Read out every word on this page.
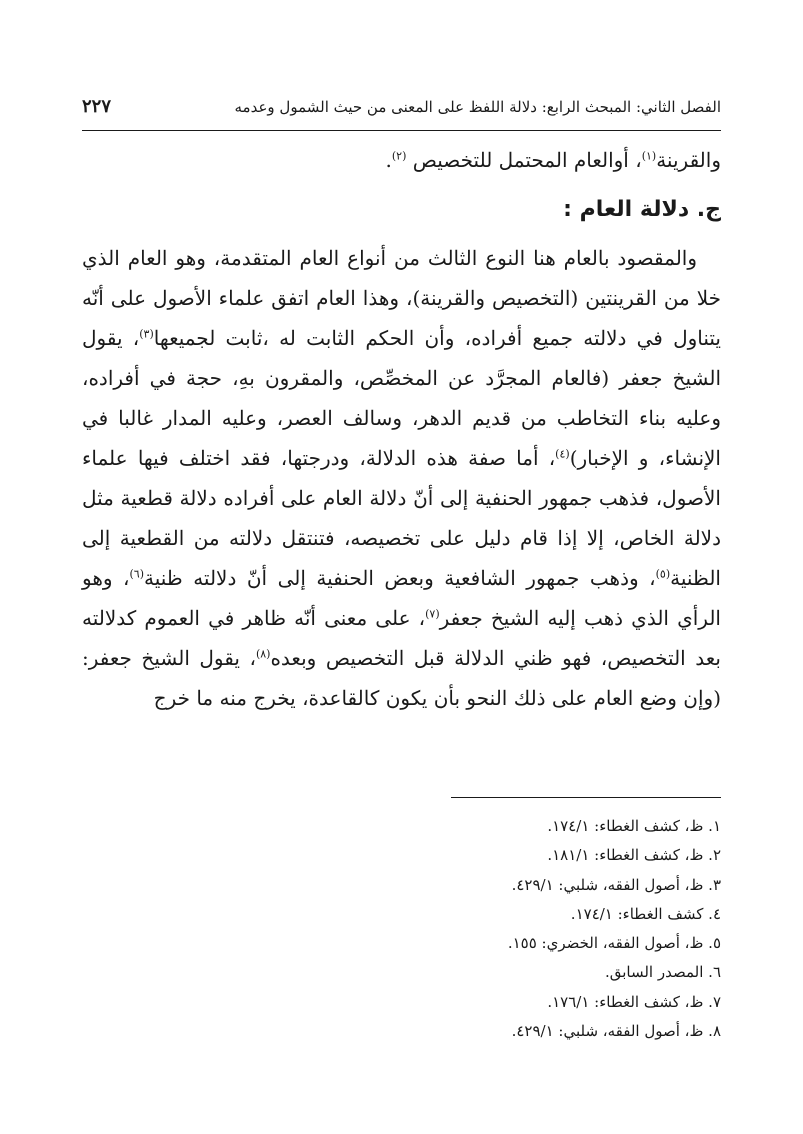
الفصل الثاني: المبحث الرابع: دلالة اللفظ على المعنى من حيث الشمول وعدمه
٢٢٧

والقرينة$^{(١)}$، أوالعام المحتمل للتخصيص $^{(٢)}$.

ج. دلالة العام :

والمقصود بالعام هنا النوع الثالث من أنواع العام المتقدمة، وهو العام الذي خلا من القرينتين (التخصيص والقرينة)، وهذا العام اتفق علماء الأصول على أنّه يتناول في دلالته جميع أفراده، وأن الحكم الثابت له ،ثابت لجميعها$^{(٣)}$، يقول الشيخ جعفر (فالعام المجرَّد عن المخصِّص، والمقرون بهِ، حجة في أفراده، وعليه بناء التخاطب من قديم الدهر، وسالف العصر، وعليه المدار غالبا في الإنشاء، و الإخبار)$^{(٤)}$، أما صفة هذه الدلالة، ودرجتها، فقد اختلف فيها علماء الأصول، فذهب جمهور الحنفية إلى أنّ دلالة العام على أفراده دلالة قطعية مثل دلالة الخاص، إلا إذا قام دليل على تخصيصه، فتنتقل دلالته من القطعية إلى الظنية$^{(٥)}$، وذهب جمهور الشافعية وبعض الحنفية إلى أنّ دلالته ظنية$^{(٦)}$، وهو الرأي الذي ذهب إليه الشيخ جعفر$^{(٧)}$، على معنى أنّه ظاهر في العموم كدلالته بعد التخصيص، فهو ظني الدلالة قبل التخصيص وبعده$^{(٨)}$، يقول الشيخ جعفر: (وإن وضع العام على ذلك النحو بأن يكون كالقاعدة، يخرج منه ما خرج

١. ظ، كشف الغطاء: ١٧٤/١.
٢. ظ، كشف الغطاء: ١٨١/١.
٣. ظ، أصول الفقه، شلبي: ٤٢٩/١.
٤. كشف الغطاء: ١٧٤/١.
٥. ظ، أصول الفقه، الخضري: ١٥٥.
٦. المصدر السابق.
٧. ظ، كشف الغطاء: ١٧٦/١.
٨. ظ، أصول الفقه، شلبي: ٤٢٩/١.
